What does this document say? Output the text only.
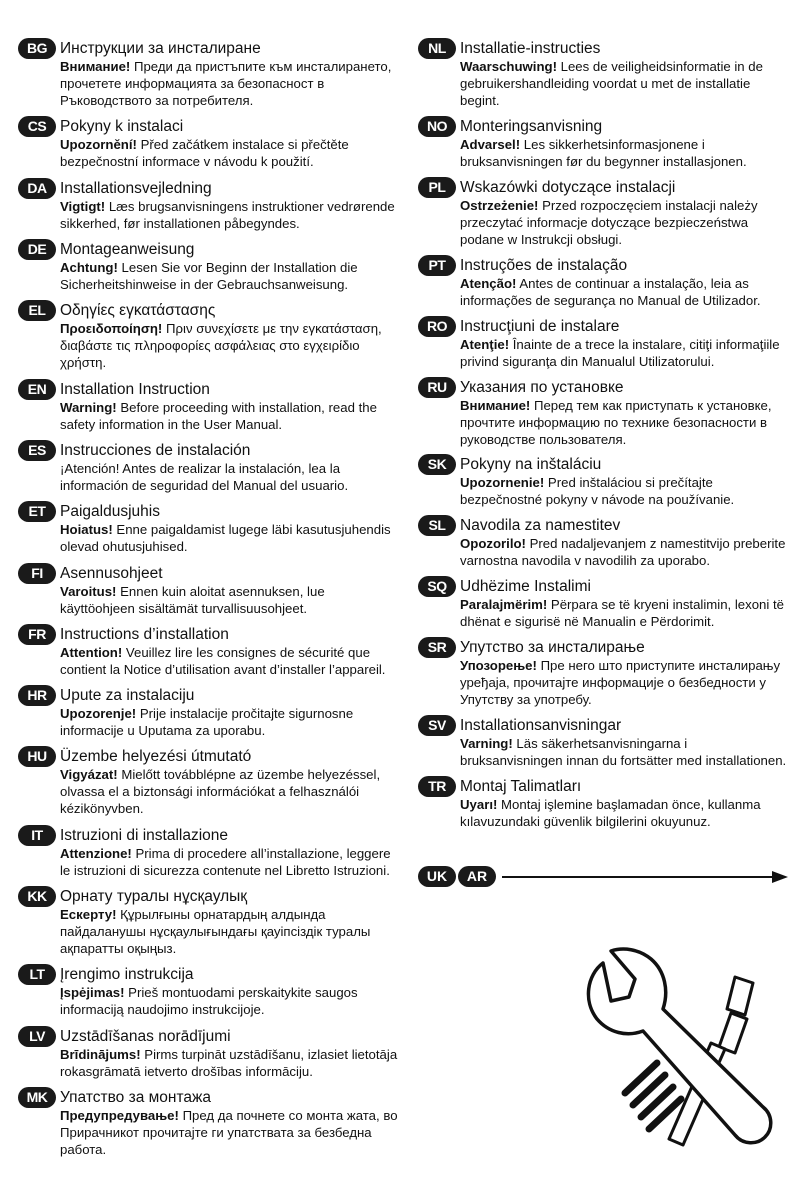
BG Инструкции за инсталиране

Внимание! Преди да пристъпите към инсталирането, прочетете информацията за безопасност в Ръководството за потребителя.

CS Pokyny k instalaci

Upozornění! Před začátkem instalace si přečtěte bezpečnostní informace v návodu k použití.

DA Installationsvejledning

Vigtigt! Læs brugsanvisningens instruktioner vedrørende sikkerhed, før installationen påbegyndes.

DE Montageanweisung

Achtung! Lesen Sie vor Beginn der Installation die Sicherheitshinweise in der Gebrauchsanweisung.

EL Οδηγίες εγκατάστασης

Προειδοποίηση! Πριν συνεχίσετε με την εγκατάσταση, διαβάστε τις πληροφορίες ασφάλειας στο εγχειρίδιο χρήστη.

EN Installation Instruction

Warning! Before proceeding with installation, read the safety information in the User Manual.

ES Instrucciones de instalación

¡Atención! Antes de realizar la instalación, lea la información de seguridad del Manual del usuario.

ET Paigaldusjuhis

Hoiatus! Enne paigaldamist lugege läbi kasutusjuhendis olevad ohutusjuhised.

FI	Asennusohjeet

Varoitus! Ennen kuin aloitat asennuksen, lue käyttöohjeen sisältämät turvallisuusohjeet.

FR Instructions d’installation

Attention! Veuillez lire les consignes de sécurité que contient la Notice d’utilisation avant d’installer l’appareil.

HR Upute za instalaciju

Upozorenje! Prije instalacije pročitajte sigurnosne informacije u Uputama za uporabu.

HU Üzembe helyezési útmutató

Vigyázat! Mielőtt továbblépne az üzembe helyezéssel, olvassa el a biztonsági információkat a felhasználói kézikönyvben.

IT	Istruzioni di installazione

Attenzione! Prima di procedere all’installazione, leggere le istruzioni di sicurezza contenute nel Libretto Istruzioni.

KK Орнату туралы нұсқаулық

Ескерту! Құрылғыны орнатардың алдында пайдаланушы нұсқаулығындағы қауіпсіздік туралы ақпаратты оқыңыз.

LT Įrengimo instrukcija

Įspėjimas! Prieš montuodami perskaitykite saugos informaciją naudojimo instrukcijoje.

LV Uzstādīšanas norādījumi

Brīdinājums! Pirms turpināt uzstādīšanu, izlasiet lietotāja rokasgrāmatā ietverto drošības informāciju.

MK Упатство за монтажа

Предупредување! Пред да почнете со монта жата, во Прирачникот прочитајте ги упатствата за безбедна работа.

NL Installatie-instructies

Waarschuwing! Lees de veiligheidsinformatie in de gebruikershandleiding voordat u met de installatie begint.

NO Monteringsanvisning

Advarsel! Les sikkerhetsinformasjonene i bruksanvisningen før du begynner installasjonen.

PL Wskazówki dotyczące instalacji

Ostrzeżenie! Przed rozpoczęciem instalacji należy przeczytać informacje dotyczące bezpieczeństwa podane w Instrukcji obsługi.

PT Instruções de instalação

Atenção! Antes de continuar a instalação, leia as informações de segurança no Manual de Utilizador.

RO Instrucţiuni de instalare

Atenţie! Înainte de a trece la instalare, citiţi informaţiile privind siguranţa din Manualul Utilizatorului.

RU Указания по установке

Внимание! Перед тем как приступать к установке, прочтите информацию по технике безопасности в руководстве пользователя.

SK Pokyny na inštaláciu

Upozornenie! Pred inštaláciou si prečítajte bezpečnostné pokyny v návode na používanie.

SL Navodila za namestitev

Opozorilo! Pred nadaljevanjem z namestitvijo preberite varnostna navodila v navodilih za uporabo.

SQ Udhëzime Instalimi

Paralajmërim! Përpara se të kryeni instalimin, lexoni të dhënat e sigurisë në Manualin e Përdorimit.

SR Упутство за инсталирање

Упозорење! Пре него што приступите инсталирању уређаја, прочитајте информације о безбедности у Упутству за употребу.

SV Installationsanvisningar

Varning! Läs säkerhetsanvisningarna i bruksanvisningen innan du fortsätter med installationen.

TR Montaj Talimatları

Uyarı! Montaj işlemine başlamadan önce, kullanma kılavuzundaki güvenlik bilgilerini okuyunuz.

UK	AR
